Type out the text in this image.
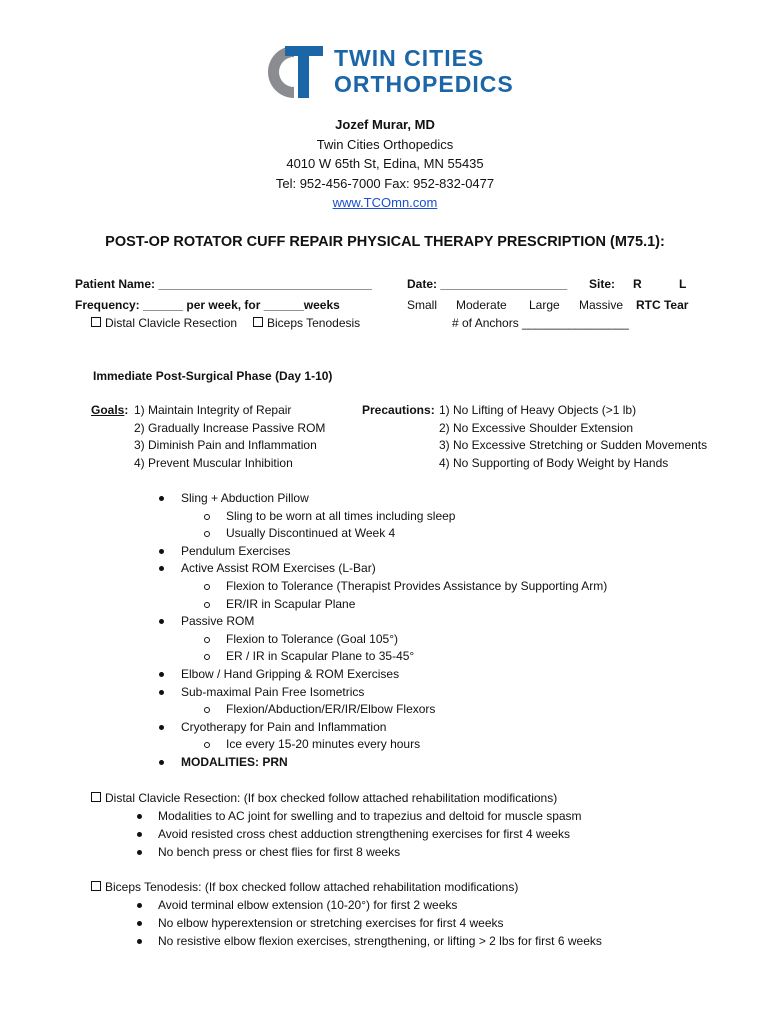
TWIN CITIES
ORTHOPEDICS
Jozef Murar, MD
Twin Cities Orthopedics
4010 W 65th St, Edina, MN 55435
Tel: 952-456-7000 Fax: 952-832-0477
www.TCOmn.com
POST-OP ROTATOR CUFF REPAIR PHYSICAL THERAPY PRESCRIPTION (M75.1):
Patient Name: ________________________________	Date: ___________________ Site: R	L
Frequency: ______ per week, for ______weeks	Small Moderate Large Massive RTC Tear
Distal Clavicle Resection	Biceps Tenodesis	# of Anchors ________________
Immediate Post-Surgical Phase (Day 1-10)
Goals: 1) Maintain Integrity of Repair
2) Gradually Increase Passive ROM
3) Diminish Pain and Inflammation
4) Prevent Muscular Inhibition
Precautions: 1) No Lifting of Heavy Objects (>1 lb)
2) No Excessive Shoulder Extension
3) No Excessive Stretching or Sudden Movements
4) No Supporting of Body Weight by Hands
Sling + Abduction Pillow
Sling to be worn at all times including sleep
Usually Discontinued at Week 4
Pendulum Exercises
Active Assist ROM Exercises (L-Bar)
Flexion to Tolerance (Therapist Provides Assistance by Supporting Arm)
ER/IR in Scapular Plane
Passive ROM
Flexion to Tolerance (Goal 105°)
ER / IR in Scapular Plane to 35-45°
Elbow / Hand Gripping & ROM Exercises
Sub-maximal Pain Free Isometrics
Flexion/Abduction/ER/IR/Elbow Flexors
Cryotherapy for Pain and Inflammation
Ice every 15-20 minutes every hours
MODALITIES: PRN
Distal Clavicle Resection: (If box checked follow attached rehabilitation modifications)
Modalities to AC joint for swelling and to trapezius and deltoid for muscle spasm
Avoid resisted cross chest adduction strengthening exercises for first 4 weeks
No bench press or chest flies for first 8 weeks
Biceps Tenodesis: (If box checked follow attached rehabilitation modifications)
Avoid terminal elbow extension (10-20°) for first 2 weeks
No elbow hyperextension or stretching exercises for first 4 weeks
No resistive elbow flexion exercises, strengthening, or lifting > 2 lbs for first 6 weeks
